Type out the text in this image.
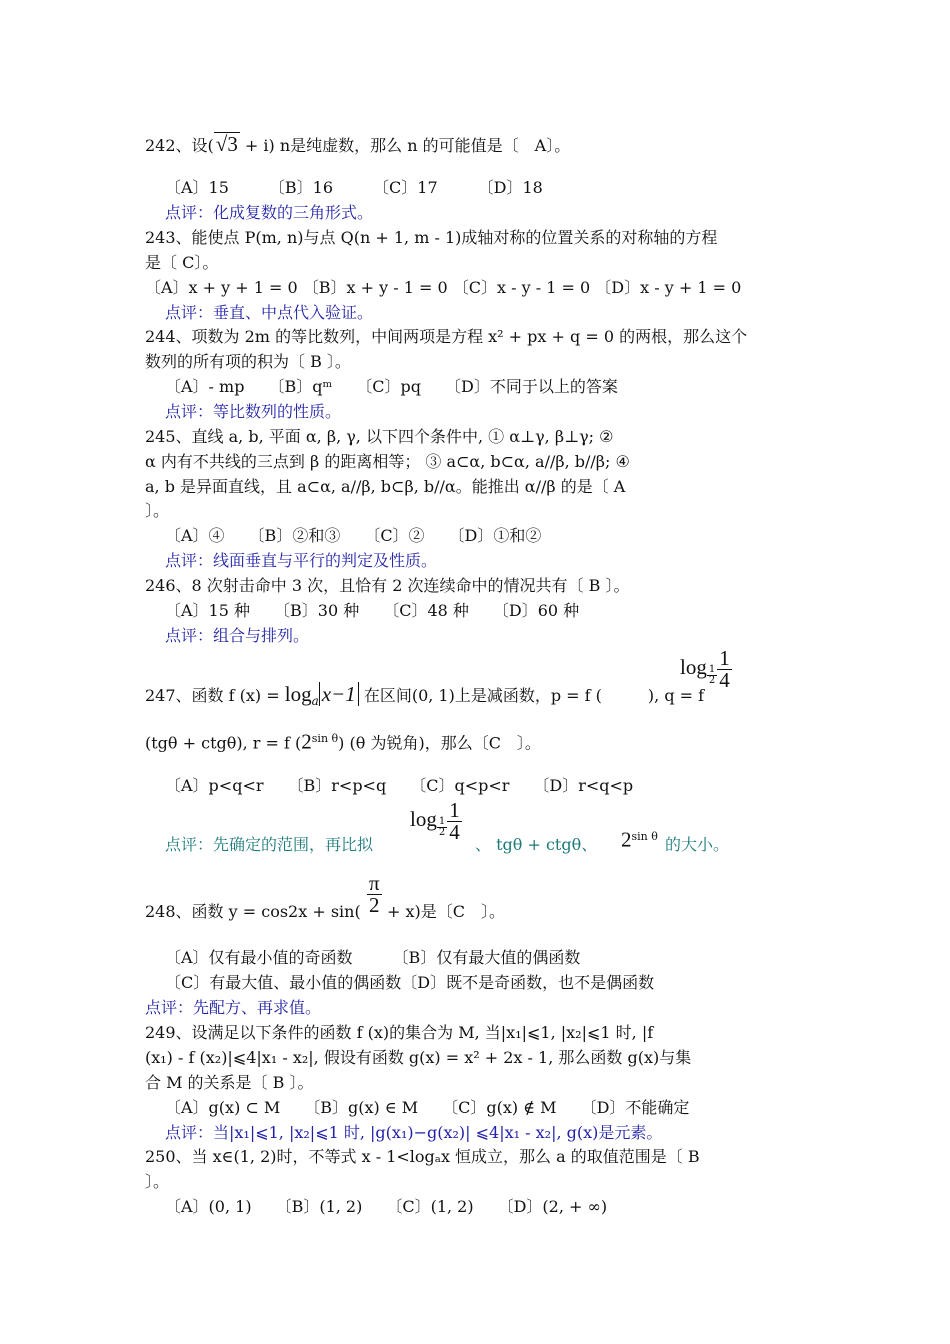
242、设(√3 + i) n是纯虚数，那么 n 的可能值是〔　A〕。
〔A〕15　　　〔B〕16　　　〔C〕17　　　〔D〕18
点评：化成复数的三角形式。
243、能使点 P(m, n)与点 Q(n + 1, m - 1)成轴对称的位置关系的对称轴的方程
是〔 C〕。
〔A〕x + y + 1 = 0 〔B〕x + y - 1 = 0 〔C〕x - y - 1 = 0 〔D〕x - y + 1 = 0
点评：垂直、中点代入验证。
244、项数为 2m 的等比数列，中间两项是方程 x² + px + q = 0 的两根，那么这个
数列的所有项的积为〔 B 〕。
〔A〕- mp　　〔B〕qᵐ　　〔C〕pq　　〔D〕不同于以上的答案
点评：等比数列的性质。
245、直线 a, b, 平面 α, β, γ, 以下四个条件中, ① α⊥γ, β⊥γ; ②
α 内有不共线的三点到 β 的距离相等； ③ a⊂α, b⊂α, a//β, b//β; ④
a, b 是异面直线，且 a⊂α, a//β, b⊂β, b//α。能推出 α//β 的是〔 A
〕。
〔A〕④　　〔B〕②和③　　〔C〕②　　〔D〕①和②
点评：线面垂直与平行的判定及性质。
246、8 次射击命中 3 次，且恰有 2 次连续命中的情况共有〔 B 〕。
〔A〕15 种　　〔B〕30 种　　〔C〕48 种　　〔D〕60 种
点评：组合与排列。
$\log _{\frac{1}{2}} \frac{1}{4}$
247、函数 f $(x) = \log_a x-1$ 在区间(0, 1)上是减函数，p = f (	), q = f
(tgθ + ctgθ), r = f $(2^{sin \theta})$ (θ 为锐角)，那么〔C　〕。
〔A〕p<q<r　　〔B〕r<p<q　　〔C〕q<p<r　　〔D〕r<q<p
点评：先确定的范围，再比拟
$\log _{\frac{1}{2}} \frac{1}{4}$
、 tgθ + ctgθ、 $2^{sin \theta}$ 的大小。
248、函数 $y = \cos 2x + \sin( \frac{\pi}{2} + x)$是〔C　〕。
〔A〕仅有最小值的奇函数　　　〔B〕仅有最大值的偶函数
〔C〕有最大值、最小值的偶函数〔D〕既不是奇函数，也不是偶函数
点评：先配方、再求值。
249、设满足以下条件的函数 f (x)的集合为 M, 当|x₁|⩽1, |x₂|⩽1 时, |f
(x₁) - f (x₂)|⩽4|x₁ - x₂|, 假设有函数 g(x) = x² + 2x - 1, 那么函数 g(x)与集
合 M 的关系是〔 B 〕。
〔A〕g(x) ⊂ M　　〔B〕g(x) ∈ M　　〔C〕g(x) ∉ M　　〔D〕不能确定
点评：当|x₁|⩽1, |x₂|⩽1 时, |g(x₁)−g(x₂)| ⩽4|x₁ - x₂|, g(x)是元素。
250、当 x∈(1, 2)时，不等式 x - 1<logₐx 恒成立，那么 a 的取值范围是〔 B
〕。
〔A〕(0, 1)　　〔B〕(1, 2)　　〔C〕(1, 2)　　〔D〕(2, + ∞)
